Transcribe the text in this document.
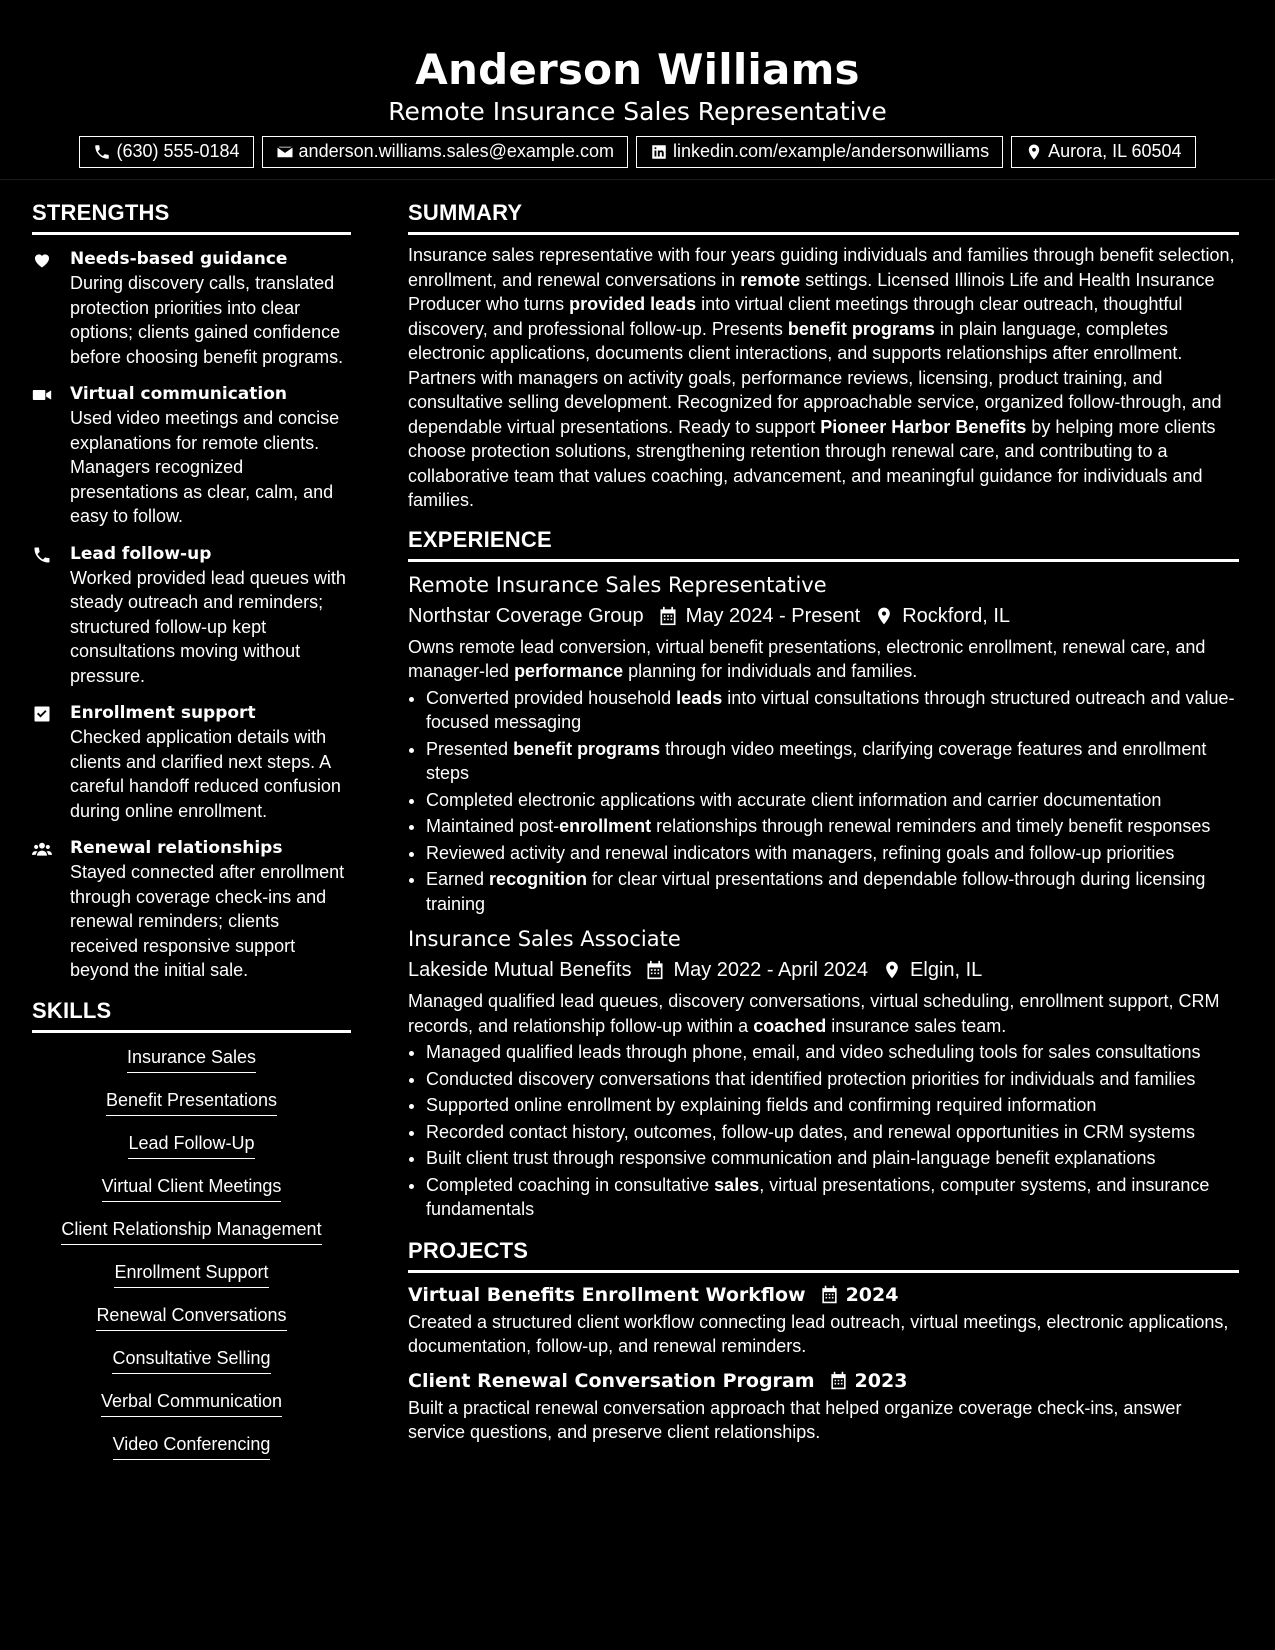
Anderson Williams
Remote Insurance Sales Representative
(630) 555-0184	anderson.williams.sales@example.com	linkedin.com/example/andersonwilliams	Aurora, IL 60504
STRENGTHS
Needs-based guidance
During discovery calls, translated protection priorities into clear options; clients gained confidence before choosing benefit programs.
Virtual communication
Used video meetings and concise explanations for remote clients. Managers recognized presentations as clear, calm, and easy to follow.
Lead follow-up
Worked provided lead queues with steady outreach and reminders; structured follow-up kept consultations moving without pressure.
Enrollment support
Checked application details with clients and clarified next steps. A careful handoff reduced confusion during online enrollment.
Renewal relationships
Stayed connected after enrollment through coverage check-ins and renewal reminders; clients received responsive support beyond the initial sale.
SKILLS
Insurance Sales
Benefit Presentations
Lead Follow-Up
Virtual Client Meetings
Client Relationship Management
Enrollment Support
Renewal Conversations
Consultative Selling
Verbal Communication
Video Conferencing
SUMMARY
Insurance sales representative with four years guiding individuals and families through benefit selection, enrollment, and renewal conversations in remote settings. Licensed Illinois Life and Health Insurance Producer who turns provided leads into virtual client meetings through clear outreach, thoughtful discovery, and professional follow-up. Presents benefit programs in plain language, completes electronic applications, documents client interactions, and supports relationships after enrollment. Partners with managers on activity goals, performance reviews, licensing, product training, and consultative selling development. Recognized for approachable service, organized follow-through, and dependable virtual presentations. Ready to support Pioneer Harbor Benefits by helping more clients choose protection solutions, strengthening retention through renewal care, and contributing to a collaborative team that values coaching, advancement, and meaningful guidance for individuals and families.
EXPERIENCE
Remote Insurance Sales Representative
Northstar Coverage Group May 2024 - Present Rockford, IL
Owns remote lead conversion, virtual benefit presentations, electronic enrollment, renewal care, and manager-led performance planning for individuals and families.
• Converted provided household leads into virtual consultations through structured outreach and value-focused messaging
• Presented benefit programs through video meetings, clarifying coverage features and enrollment steps
• Completed electronic applications with accurate client information and carrier documentation
• Maintained post-enrollment relationships through renewal reminders and timely benefit responses
• Reviewed activity and renewal indicators with managers, refining goals and follow-up priorities
• Earned recognition for clear virtual presentations and dependable follow-through during licensing training
Insurance Sales Associate
Lakeside Mutual Benefits May 2022 - April 2024 Elgin, IL
Managed qualified lead queues, discovery conversations, virtual scheduling, enrollment support, CRM records, and relationship follow-up within a coached insurance sales team.
• Managed qualified leads through phone, email, and video scheduling tools for sales consultations
• Conducted discovery conversations that identified protection priorities for individuals and families
• Supported online enrollment by explaining fields and confirming required information
• Recorded contact history, outcomes, follow-up dates, and renewal opportunities in CRM systems
• Built client trust through responsive communication and plain-language benefit explanations
• Completed coaching in consultative sales, virtual presentations, computer systems, and insurance fundamentals
PROJECTS
Virtual Benefits Enrollment Workflow 2024
Created a structured client workflow connecting lead outreach, virtual meetings, electronic applications, documentation, follow-up, and renewal reminders.
Client Renewal Conversation Program 2023
Built a practical renewal conversation approach that helped organize coverage check-ins, answer service questions, and preserve client relationships.
